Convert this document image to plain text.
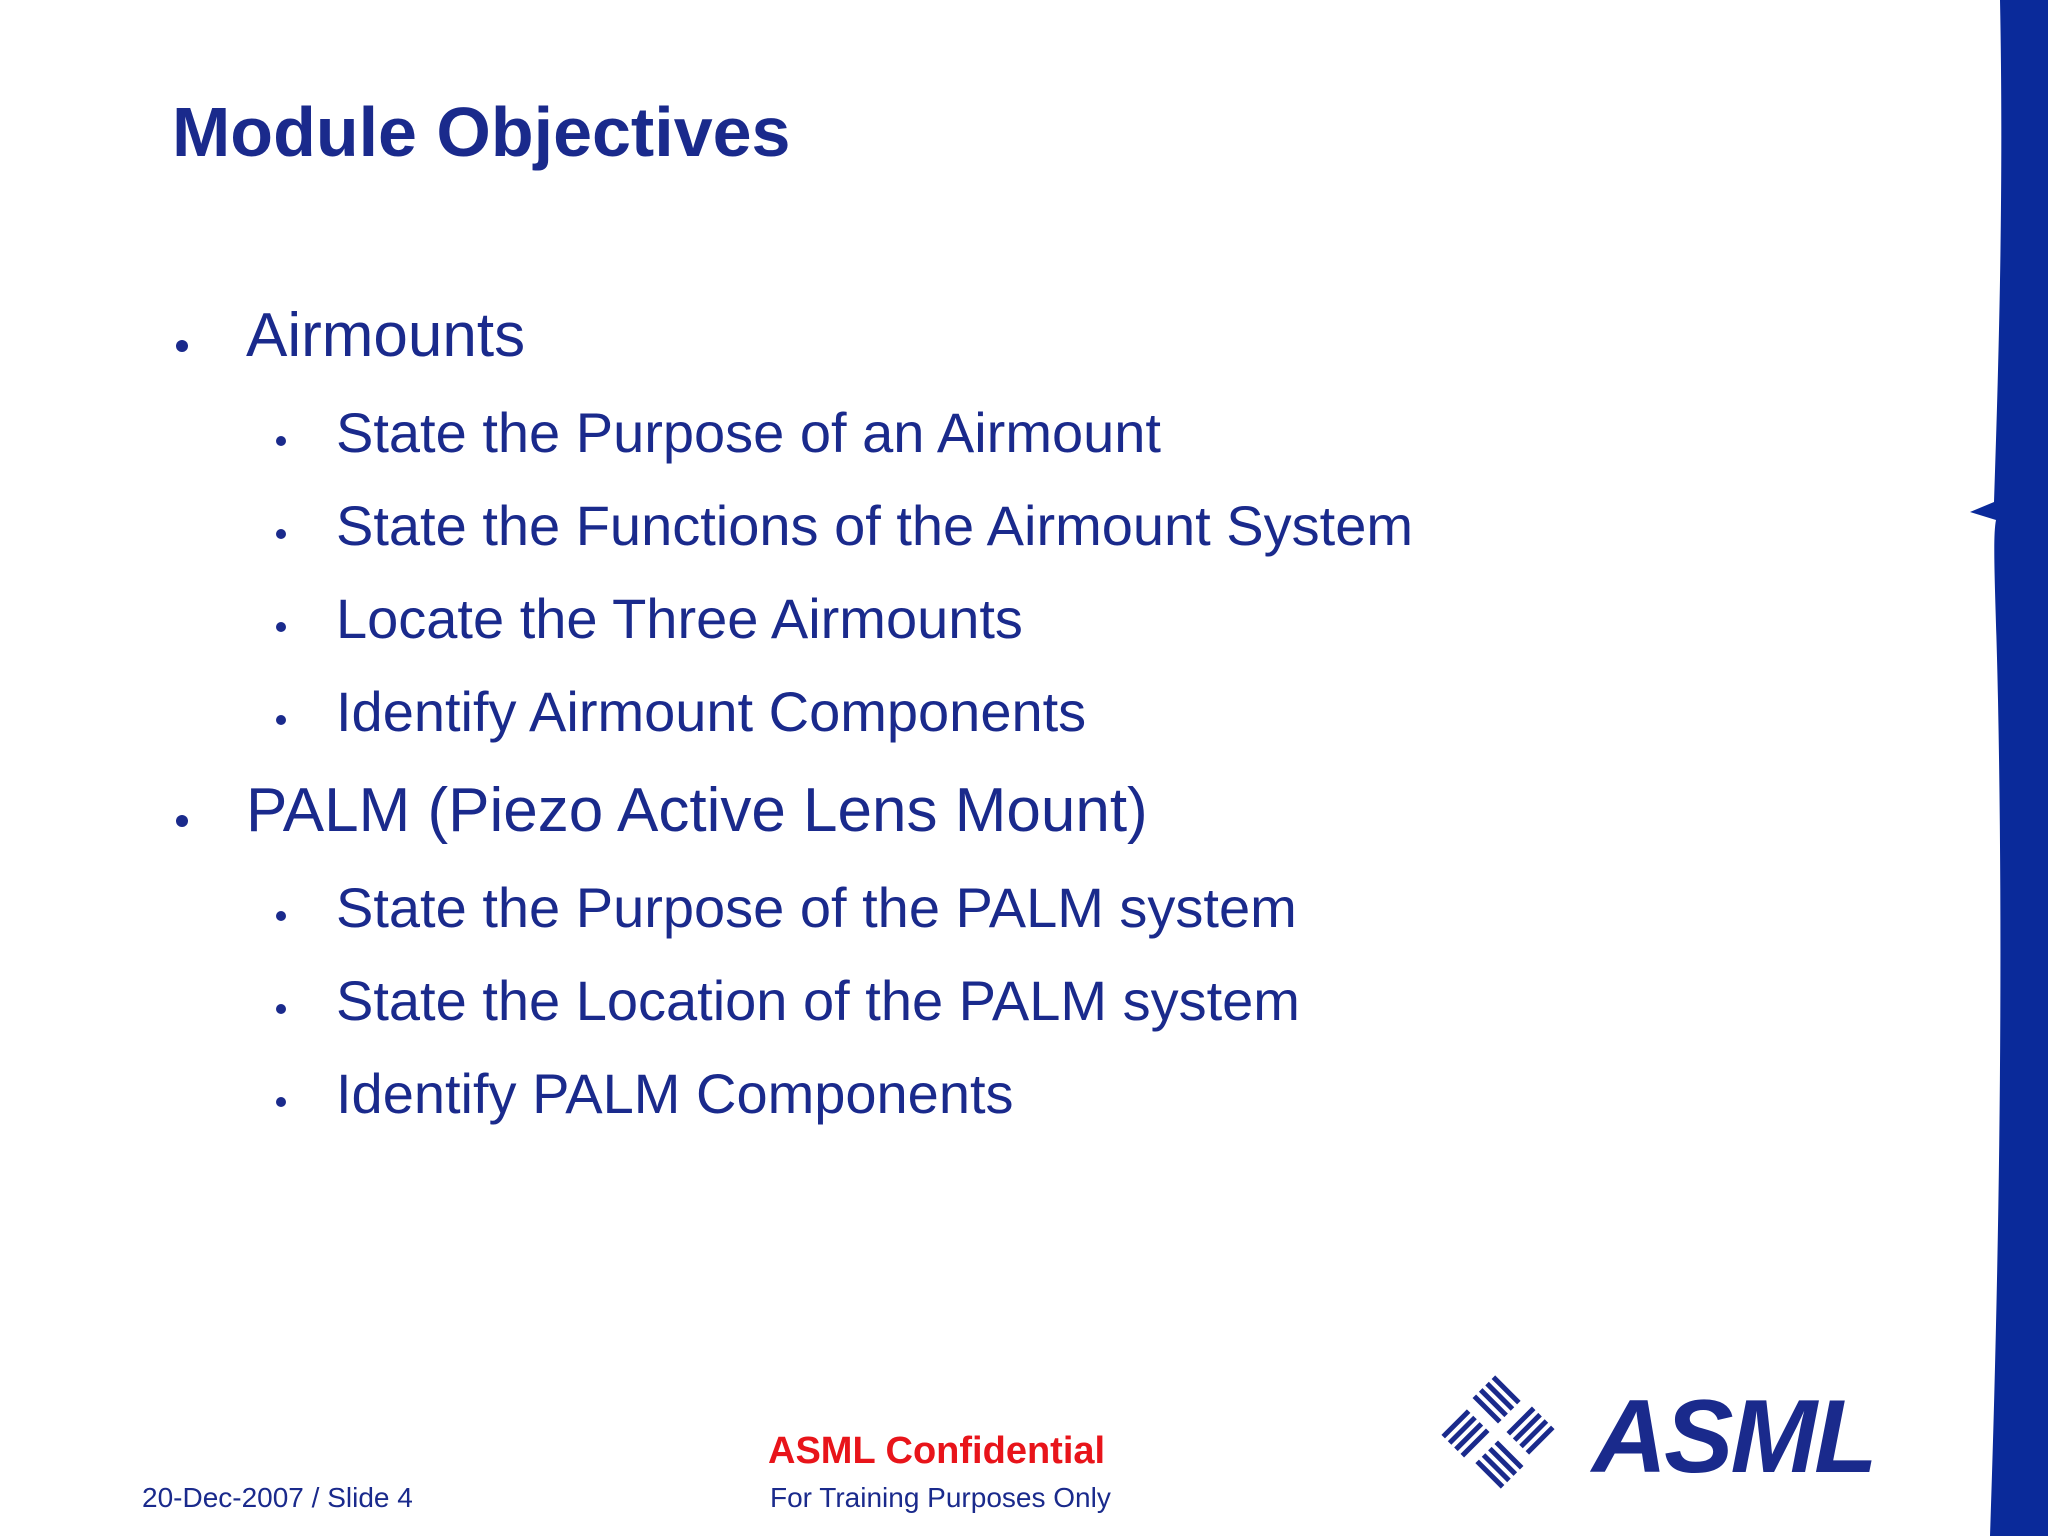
Module Objectives
Airmounts
State the Purpose of an Airmount
State the Functions of the Airmount System
Locate the Three Airmounts
Identify Airmount Components
PALM (Piezo Active Lens Mount)
State the Purpose of the PALM system
State the Location of the PALM system
Identify PALM Components
20-Dec-2007 / Slide 4
ASML Confidential
For Training Purposes Only
ASML
